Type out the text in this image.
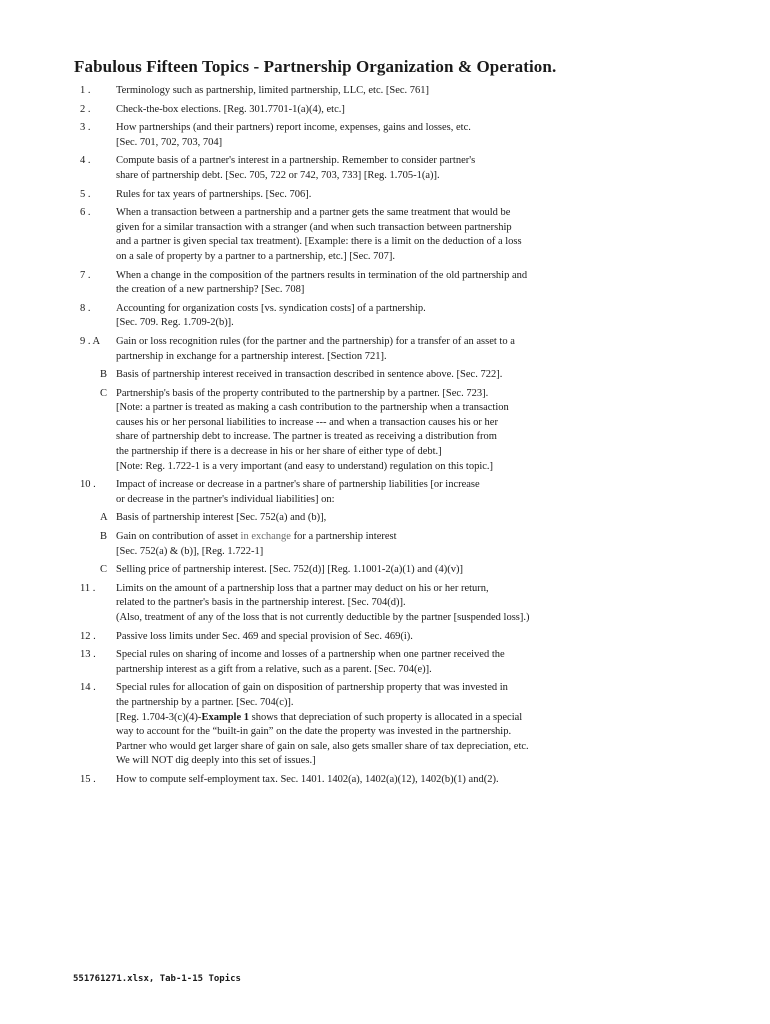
Fabulous Fifteen Topics - Partnership Organization & Operation.
1 .	Terminology such as partnership, limited partnership, LLC, etc. [Sec. 761]
2 .	Check-the-box elections. [Reg. 301.7701-1(a)(4), etc.]
3 .	How partnerships (and their partners) report income, expenses, gains and losses, etc.
[Sec. 701, 702, 703, 704]
4 .	Compute basis of a partner's interest in a partnership. Remember to consider partner's
share of partnership debt. [Sec. 705, 722 or 742, 703, 733] [Reg. 1.705-1(a)].
5 .	Rules for tax years of partnerships. [Sec. 706].
6 .	When a transaction between a partnership and a partner gets the same treatment that would be
given for a similar transaction with a stranger (and when such transaction between partnership
and a partner is given special tax treatment). [Example: there is a limit on the deduction of a loss
on a sale of property by a partner to a partnership, etc.] [Sec. 707].
7 .	When a change in the composition of the partners results in termination of the old partnership and
the creation of a new partnership? [Sec. 708]
8 .	Accounting for organization costs [vs. syndication costs] of a partnership.
[Sec. 709. Reg. 1.709-2(b)].
9 . A	Gain or loss recognition rules (for the partner and the partnership) for a transfer of an asset to a
partnership in exchange for a partnership interest. [Section 721].
B Basis of partnership interest received in transaction described in sentence above. [Sec. 722].
C Partnership's basis of the property contributed to the partnership by a partner. [Sec. 723].
[Note: a partner is treated as making a cash contribution to the partnership when a transaction
causes his or her personal liabilities to increase --- and when a transaction causes his or her
share of partnership debt to increase. The partner is treated as receiving a distribution from
the partnership if there is a decrease in his or her share of either type of debt.]
[Note: Reg. 1.722-1 is a very important (and easy to understand) regulation on this topic.]
10 .	Impact of increase or decrease in a partner's share of partnership liabilities [or increase
or decrease in the partner's individual liabilities] on:
A Basis of partnership interest [Sec. 752(a) and (b)],
B Gain on contribution of asset in exchange for a partnership interest
[Sec. 752(a) & (b)], [Reg. 1.722-1]
C Selling price of partnership interest. [Sec. 752(d)] [Reg. 1.1001-2(a)(1) and (4)(v)]
11 .	Limits on the amount of a partnership loss that a partner may deduct on his or her return,
related to the partner's basis in the partnership interest. [Sec. 704(d)].
(Also, treatment of any of the loss that is not currently deductible by the partner [suspended loss].)
12 .	Passive loss limits under Sec. 469 and special provision of Sec. 469(i).
13 .	Special rules on sharing of income and losses of a partnership when one partner received the
partnership interest as a gift from a relative, such as a parent. [Sec. 704(e)].
14 .	Special rules for allocation of gain on disposition of partnership property that was invested in
the partnership by a partner. [Sec. 704(c)].
[Reg. 1.704-3(c)(4)-Example 1 shows that depreciation of such property is allocated in a special
way to account for the “built-in gain” on the date the property was invested in the partnership.
Partner who would get larger share of gain on sale, also gets smaller share of tax depreciation, etc.
We will NOT dig deeply into this set of issues.]
15 .	How to compute self-employment tax. Sec. 1401. 1402(a), 1402(a)(12), 1402(b)(1) and(2).
551761271.xlsx, Tab-1-15 Topics
